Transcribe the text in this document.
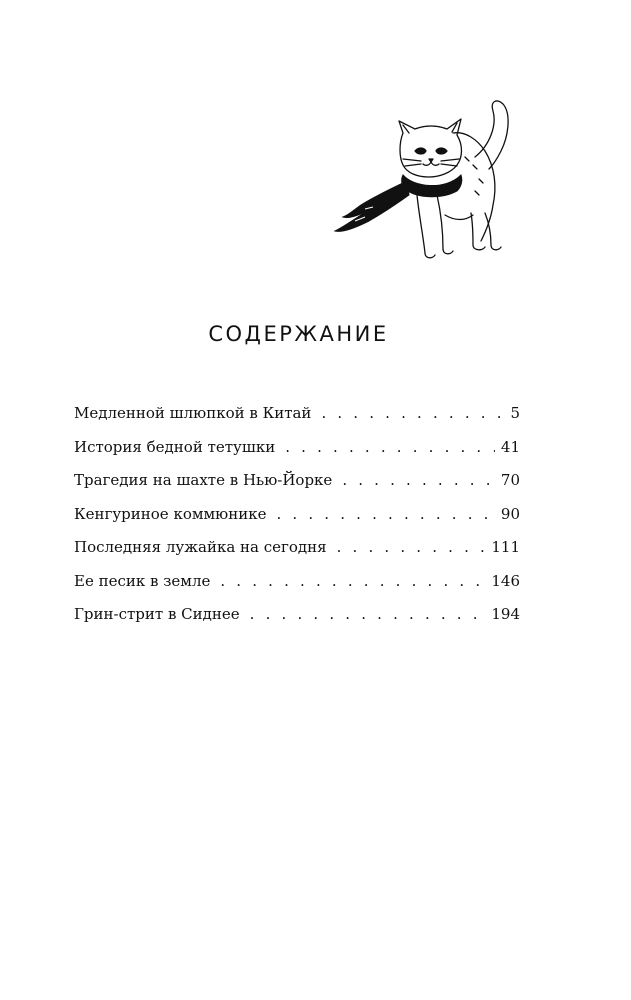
СОДЕРЖАНИЕ
Медленной шлюпкой в Китай . . .	5
История бедной тетушки . . .	41
Трагедия на шахте в Нью-Йорке . . .	70
Кенгуриное коммюнике . . .	90
Последняя лужайка на сегодня . . .	111
Ее песик в земле . . .	146
Грин-стрит в Сиднее . . .	194
